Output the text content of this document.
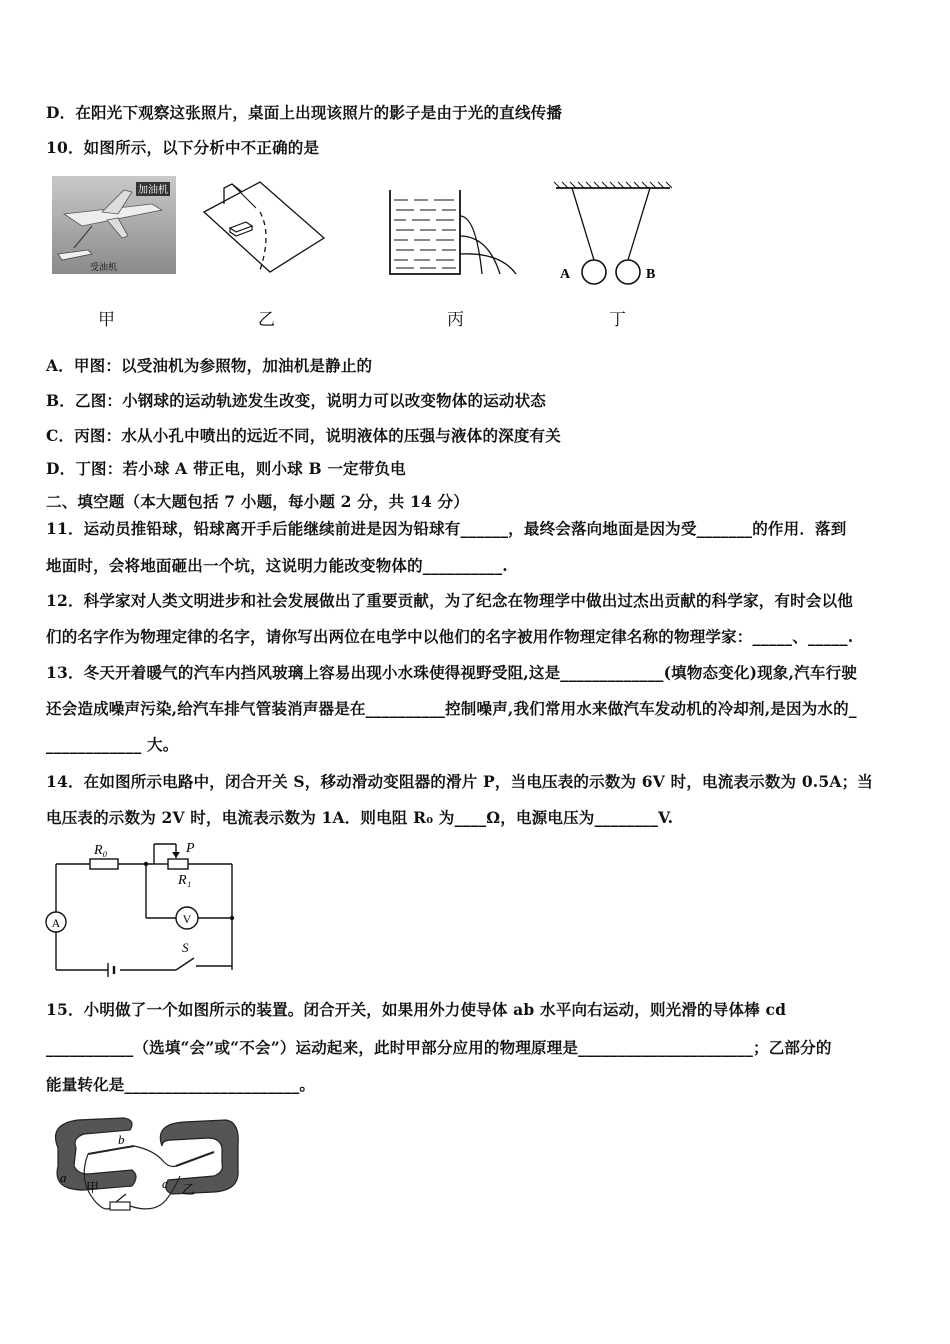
D．在阳光下观察这张照片，桌面上出现该照片的影子是由于光的直线传播
10．如图所示，以下分析中不正确的是
加油机
受油机	A	B
甲	乙	丙	丁
A．甲图：以受油机为参照物，加油机是静止的
B．乙图：小钢球的运动轨迹发生改变，说明力可以改变物体的运动状态
C．丙图：水从小孔中喷出的远近不同，说明液体的压强与液体的深度有关
D．丁图：若小球 A 带正电，则小球 B 一定带负电
二、填空题（本大题包括 7 小题，每小题 2 分，共 14 分）
11．运动员推铅球，铅球离开手后能继续前进是因为铅球有______，最终会落向地面是因为受_______的作用．落到
地面时，会将地面砸出一个坑，这说明力能改变物体的__________.
12．科学家对人类文明进步和社会发展做出了重要贡献，为了纪念在物理学中做出过杰出贡献的科学家，有时会以他
们的名字作为物理定律的名字，请你写出两位在电学中以他们的名字被用作物理定律名称的物理学家：_____、_____.
13．冬天开着暖气的汽车内挡风玻璃上容易出现小水珠使得视野受阻,这是_____________(填物态变化)现象,汽车行驶
还会造成噪声污染,给汽车排气管装消声器是在__________控制噪声,我们常用水来做汽车发动机的冷却剂,是因为水的_
____________ 大。
14．在如图所示电路中，闭合开关 S，移动滑动变阻器的滑片 P，当电压表的示数为 6V 时，电流表示数为 0.5A；当
电压表的示数为 2V 时，电流表示数为 1A．则电阻 R₀ 为____Ω，电源电压为________V.
R₀	P
R₁
A	V
S
15．小明做了一个如图所示的装置。闭合开关，如果用外力使导体 ab 水平向右运动，则光滑的导体棒 cd
___________（选填“会”或“不会”）运动起来，此时甲部分应用的物理原理是______________________；乙部分的
能量转化是______________________。
a
b
c
甲	乙
